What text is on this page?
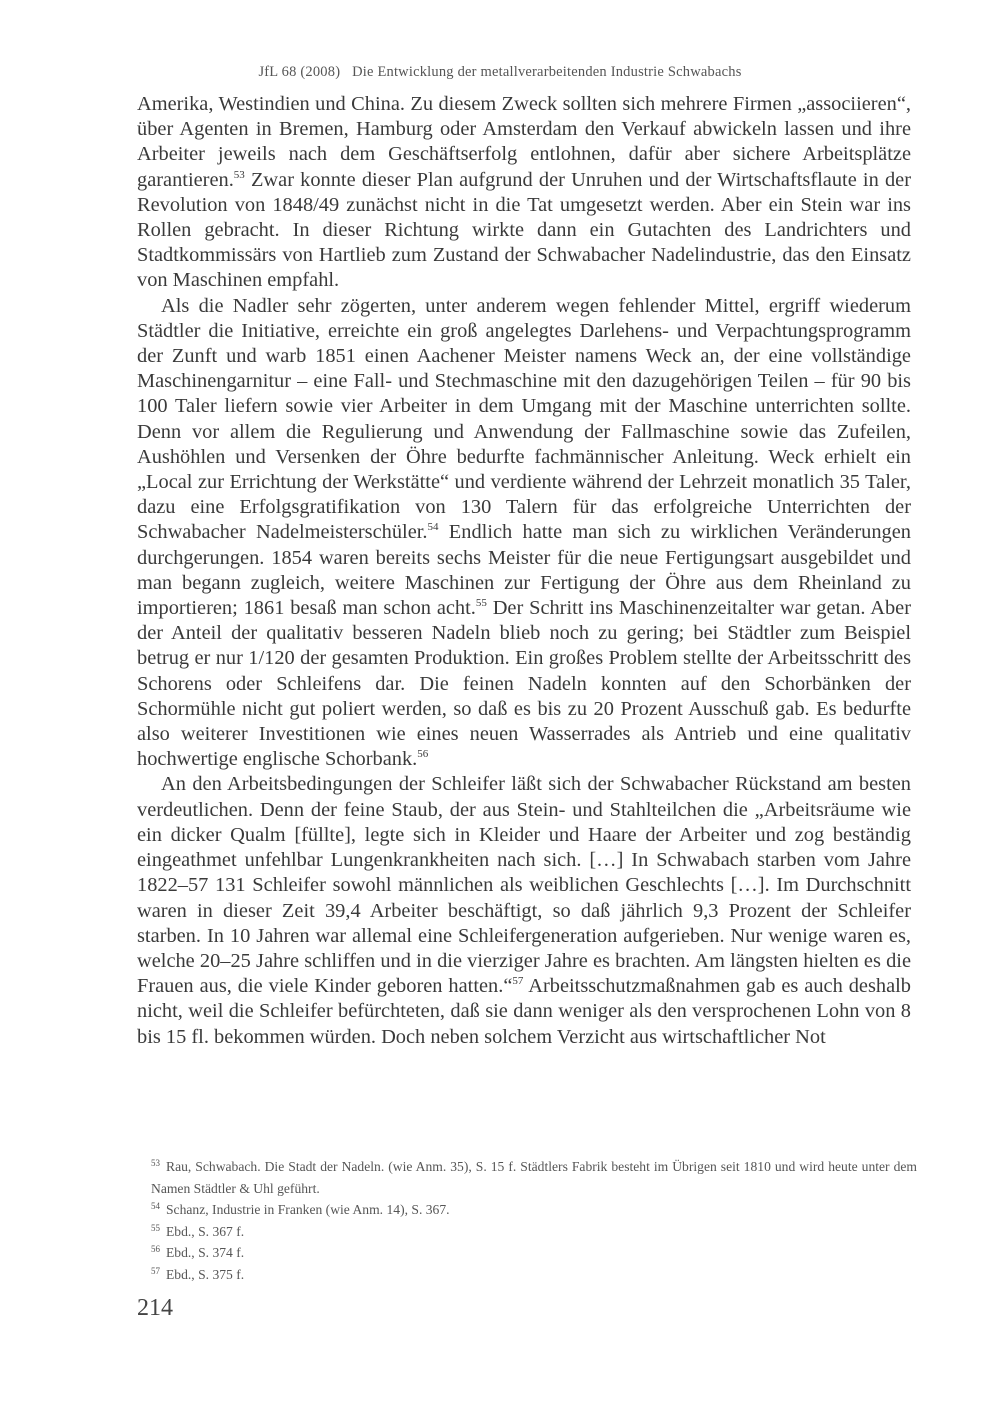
JfL 68 (2008) Die Entwicklung der metallverarbeitenden Industrie Schwabachs

Amerika, Westindien und China. Zu diesem Zweck sollten sich mehrere Firmen „associieren“, über Agenten in Bremen, Hamburg oder Amsterdam den Verkauf abwickeln lassen und ihre Arbeiter jeweils nach dem Geschäftserfolg entlohnen, dafür aber sichere Arbeitsplätze garantieren.$^{53}$ Zwar konnte dieser Plan aufgrund der Unruhen und der Wirtschaftsflaute in der Revolution von 1848/49 zunächst nicht in die Tat umgesetzt werden. Aber ein Stein war ins Rollen gebracht. In dieser Richtung wirkte dann ein Gutachten des Landrichters und Stadtkommissärs von Hartlieb zum Zustand der Schwabacher Nadelindustrie, das den Einsatz von Maschinen empfahl.

Als die Nadler sehr zögerten, unter anderem wegen fehlender Mittel, ergriff wiederum Städtler die Initiative, erreichte ein groß angelegtes Darlehens- und Verpachtungsprogramm der Zunft und warb 1851 einen Aachener Meister namens Weck an, der eine vollständige Maschinengarnitur – eine Fall- und Stechmaschine mit den dazugehörigen Teilen – für 90 bis 100 Taler liefern sowie vier Arbeiter in dem Umgang mit der Maschine unterrichten sollte. Denn vor allem die Regulierung und Anwendung der Fallmaschine sowie das Zufeilen, Aushöhlen und Versenken der Öhre bedurfte fachmännischer Anleitung. Weck erhielt ein „Local zur Errichtung der Werkstätte“ und verdiente während der Lehrzeit monatlich 35 Taler, dazu eine Erfolgsgratifikation von 130 Talern für das erfolgreiche Unterrichten der Schwabacher Nadelmeisterschüler.$^{54}$ Endlich hatte man sich zu wirklichen Veränderungen durchgerungen. 1854 waren bereits sechs Meister für die neue Fertigungsart ausgebildet und man begann zugleich, weitere Maschinen zur Fertigung der Öhre aus dem Rheinland zu importieren; 1861 besaß man schon acht.$^{55}$ Der Schritt ins Maschinenzeitalter war getan. Aber der Anteil der qualitativ besseren Nadeln blieb noch zu gering; bei Städtler zum Beispiel betrug er nur 1/120 der gesamten Produktion. Ein großes Problem stellte der Arbeitsschritt des Schorens oder Schleifens dar. Die feinen Nadeln konnten auf den Schorbänken der Schormühle nicht gut poliert werden, so daß es bis zu 20 Prozent Ausschuß gab. Es bedurfte also weiterer Investitionen wie eines neuen Wasserrades als Antrieb und eine qualitativ hochwertige englische Schorbank.$^{56}$

An den Arbeitsbedingungen der Schleifer läßt sich der Schwabacher Rückstand am besten verdeutlichen. Denn der feine Staub, der aus Stein- und Stahlteilchen die „Arbeitsräume wie ein dicker Qualm [füllte], legte sich in Kleider und Haare der Arbeiter und zog beständig eingeathmet unfehlbar Lungenkrankheiten nach sich. […] In Schwabach starben vom Jahre 1822–57 131 Schleifer sowohl männlichen als weiblichen Geschlechts […]. Im Durchschnitt waren in dieser Zeit 39,4 Arbeiter beschäftigt, so daß jährlich 9,3 Prozent der Schleifer starben. In 10 Jahren war allemal eine Schleifergeneration aufgerieben. Nur wenige waren es, welche 20–25 Jahre schliffen und in die vierziger Jahre es brachten. Am längsten hielten es die Frauen aus, die viele Kinder geboren hatten.“$^{57}$ Arbeitsschutzmaßnahmen gab es auch deshalb nicht, weil die Schleifer befürchteten, daß sie dann weniger als den versprochenen Lohn von 8 bis 15 fl. bekommen würden. Doch neben solchem Verzicht aus wirtschaftlicher Not

$^{53}$ Rau, Schwabach. Die Stadt der Nadeln. (wie Anm. 35), S. 15 f. Städtlers Fabrik besteht im Übrigen seit 1810 und wird heute unter dem Namen Städtler & Uhl geführt.

$^{54}$ Schanz, Industrie in Franken (wie Anm. 14), S. 367.

$^{55}$ Ebd., S. 367 f.

$^{56}$ Ebd., S. 374 f.

$^{57}$ Ebd., S. 375 f.

214
